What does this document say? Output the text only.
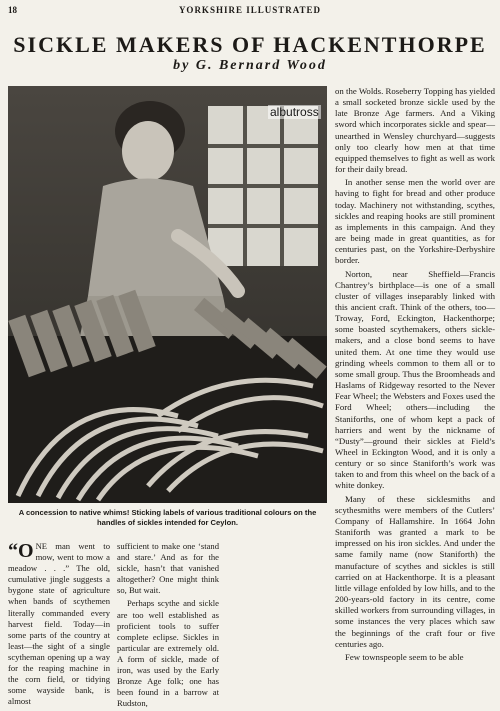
18	YORKSHIRE ILLUSTRATED
SICKLE MAKERS OF HACKENTHORPE
by G. Bernard Wood
albutross
A concession to native whims! Sticking labels of various traditional colours on the handles of sickles intended for Ceylon.

“ONE man went to mow, went to mow a meadow . . .” The old, cumulative jingle suggests a bygone state of agriculture when bands of scythemen literally commanded every harvest field. Today—in some parts of the country at least—the sight of a single scytheman opening up a way for the reaping machine in the corn field, or tidying some wayside bank, is almost

sufficient to make one ‘stand and stare.’ And as for the sickle, hasn’t that vanished altogether? One might think so, But wait.

Perhaps scythe and sickle are too well established as proficient tools to suffer complete eclipse. Sickles in particular are extremely old. A form of sickle, made of iron, was used by the Early Bronze Age folk; one has been found in a barrow at Rudston,

on the Wolds. Roseberry Topping has yielded a small socketed bronze sickle used by the late Bronze Age farmers. And a Viking sword which incorporates sickle and spear—unearthed in Wensley churchyard—suggests only too clearly how men at that time equipped themselves to fight as well as work for their daily bread.

In another sense men the world over are having to fight for bread and other produce today. Machinery not withstanding, scythes, sickles and reaping hooks are still prominent as implements in this campaign. And they are being made in great quantities, as for centuries past, on the Yorkshire-Derbyshire border.

Norton, near Sheffield—Francis Chantrey’s birthplace—is one of a small cluster of villages inseparably linked with this ancient craft. Think of the others, too—Troway, Ford, Eckington, Hackenthorpe; some boasted scythemakers, others sickle-makers, and a close bond seems to have united them. At one time they would use grinding wheels common to them all or to some small group. Thus the Broomheads and Haslams of Ridgeway resorted to the Never Fear Wheel; the Websters and Foxes used the Ford Wheel; others—including the Staniforths, one of whom kept a pack of harriers and went by the nickname of “Dusty”—ground their sickles at Field’s Wheel in Eckington Wood, and it is only a century or so since Staniforth’s work was taken to and from this wheel on the back of a white donkey.

Many of these sicklesmiths and scythesmiths were members of the Cutlers’ Company of Hallamshire. In 1664 John Staniforth was granted a mark to be impressed on his iron sickles. And under the same family name (now Staniforth) the manufacture of scythes and sickles is still carried on at Hackenthorpe. It is a pleasant little village enfolded by low hills, and to the 200-years-old factory in its centre, come skilled workers from surrounding villages, in some instances the very places which saw the beginnings of the craft four or five centuries ago.

Few townspeople seem to be able
